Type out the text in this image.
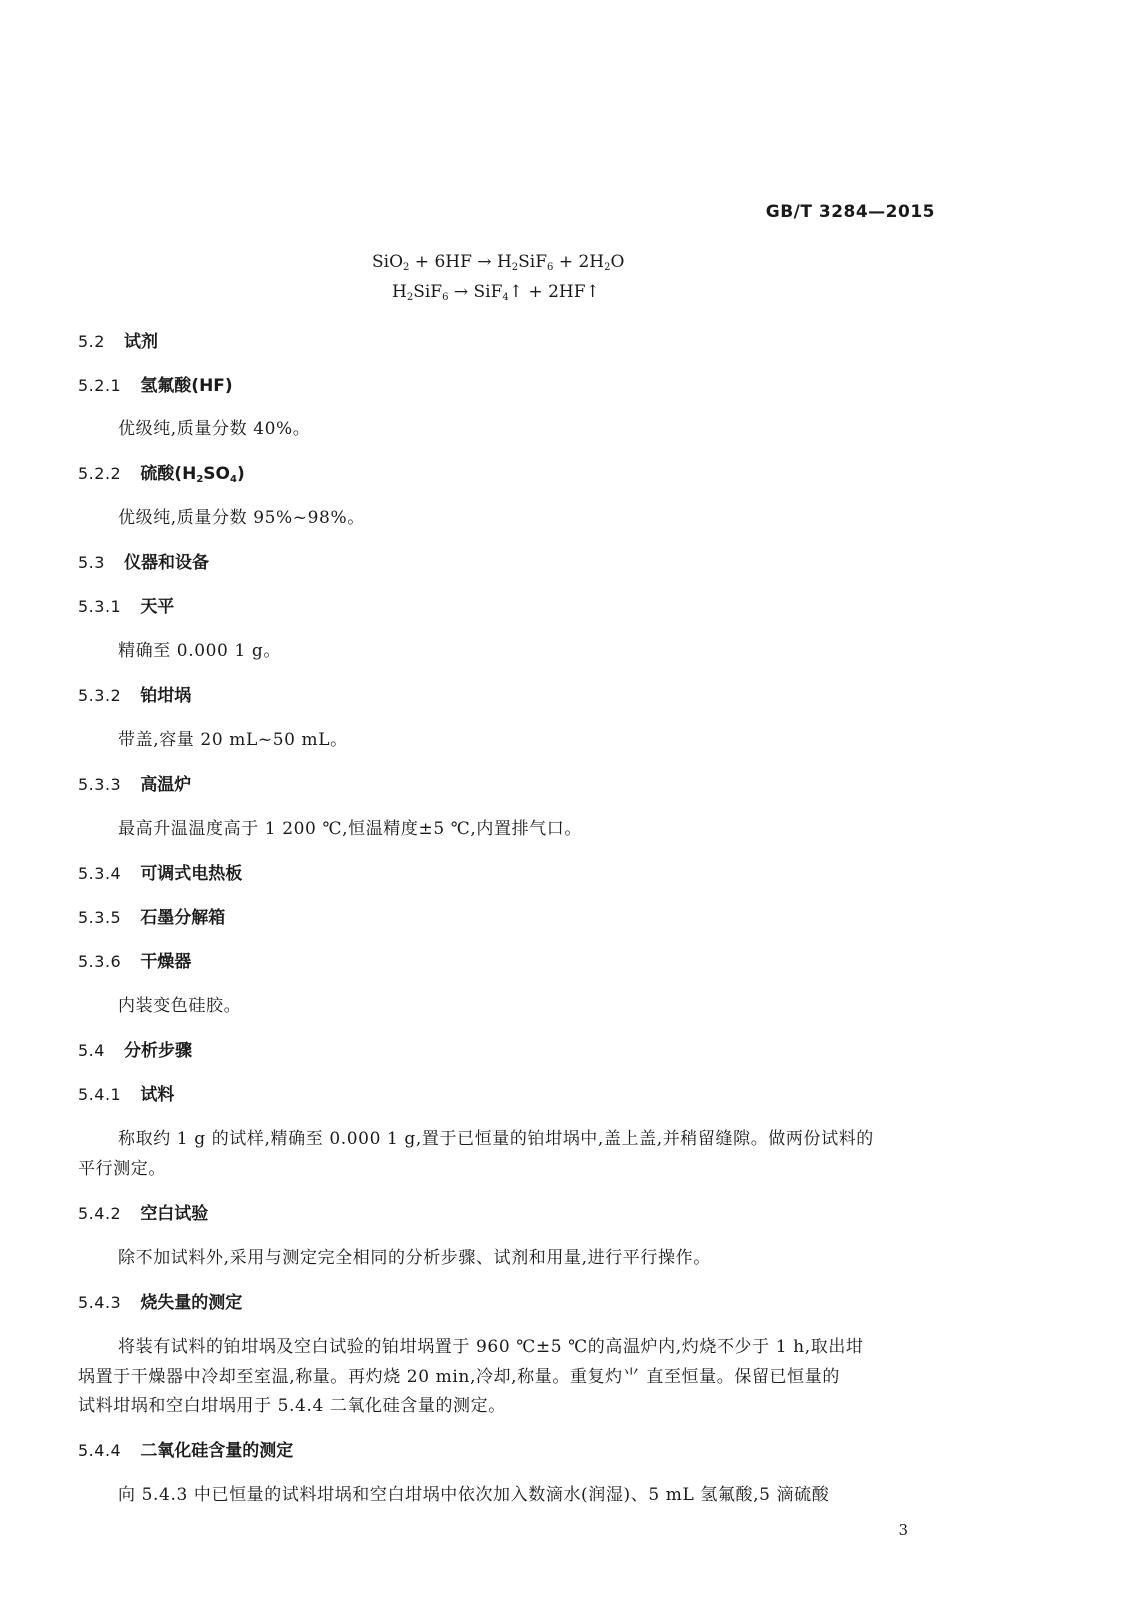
GB/T 3284—2015
$SiO_2 + 6HF \to H_2SiF_6 + 2H_2O$
$H_2SiF_6$ → SiF$_4$↑ + 2HF↑
5.2 试剂
5.2.1 氢氟酸(HF)
优级纯,质量分数 40%。
5.2.2 硫酸$(H_2SO_4)$
优级纯,质量分数 95%~98%。
5.3 仪器和设备
5.3.1 天平
精确至 0.000 1 g。
5.3.2 铂坩埚
带盖,容量 20 mL~50 mL。
5.3.3 高温炉
最高升温温度高于 1 200 ℃,恒温精度±5 ℃,内置排气口。
5.3.4 可调式电热板
5.3.5 石墨分解箱
5.3.6 干燥器
内装变色硅胶。
5.4 分析步骤
5.4.1 试料
称取约 1 g 的试样,精确至 0.000 1 g,置于已恒量的铂坩埚中,盖上盖,并稍留缝隙。做两份试料的
平行测定。
5.4.2 空白试验
除不加试料外,采用与测定完全相同的分析步骤、试剂和用量,进行平行操作。
5.4.3 烧失量的测定
将装有试料的铂坩埚及空白试验的铂坩埚置于 960 ℃±5 ℃的高温炉内,灼烧不少于 1 h,取出坩
埚置于干燥器中冷却至室温,称量。再灼烧 20 min,冷却,称量。重复灼⺌ 直至恒量。保留已恒量的
试料坩埚和空白坩埚用于 5.4.4 二氧化硅含量的测定。
5.4.4 二氧化硅含量的测定
向 5.4.3 中已恒量的试料坩埚和空白坩埚中依次加入数滴水(润湿)、5 mL 氢氟酸,5 滴硫酸
3
